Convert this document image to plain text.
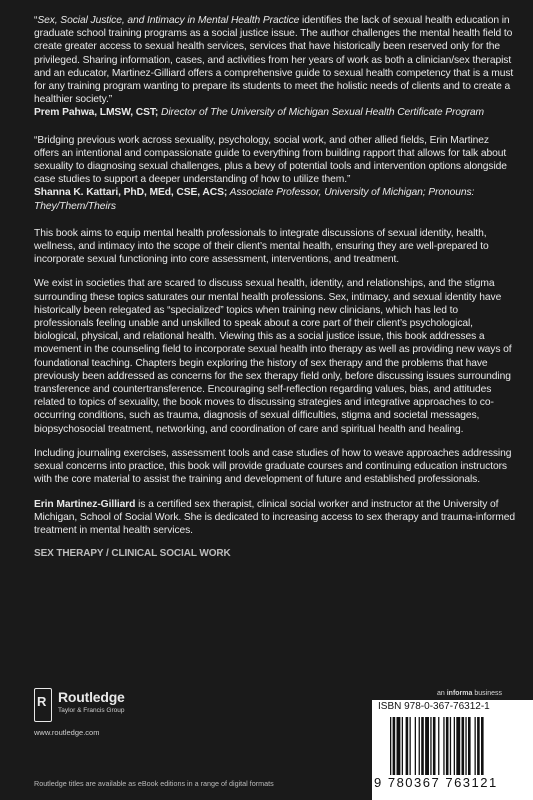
“Sex, Social Justice, and Intimacy in Mental Health Practice identifies the lack of sexual health education in graduate school training programs as a social justice issue. The author challenges the mental health field to create greater access to sexual health services, services that have historically been reserved only for the privileged. Sharing information, cases, and activities from her years of work as both a clinician/sex therapist and an educator, Martinez-Gilliard offers a comprehensive guide to sexual health competency that is a must for any training program wanting to prepare its students to meet the holistic needs of clients and to create a healthier society.”

Prem Pahwa, LMSW, CST; Director of The University of Michigan Sexual Health Certificate Program

“Bridging previous work across sexuality, psychology, social work, and other allied fields, Erin Martinez offers an intentional and compassionate guide to everything from building rapport that allows for talk about sexuality to diagnosing sexual challenges, plus a bevy of potential tools and intervention options alongside case studies to support a deeper understanding of how to utilize them.”

Shanna K. Kattari, PhD, MEd, CSE, ACS; Associate Professor, University of Michigan; Pronouns: They/Them/Theirs

This book aims to equip mental health professionals to integrate discussions of sexual identity, health, wellness, and intimacy into the scope of their client’s mental health, ensuring they are well-prepared to incorporate sexual functioning into core assessment, interventions, and treatment.

We exist in societies that are scared to discuss sexual health, identity, and relationships, and the stigma surrounding these topics saturates our mental health professions. Sex, intimacy, and sexual identity have historically been relegated as “specialized” topics when training new clinicians, which has led to professionals feeling unable and unskilled to speak about a core part of their client’s psychological, biological, physical, and relational health. Viewing this as a social justice issue, this book addresses a movement in the counseling field to incorporate sexual health into therapy as well as providing new ways of foundational teaching. Chapters begin exploring the history of sex therapy and the problems that have previously been addressed as concerns for the sex therapy field only, before discussing issues surrounding transference and countertransference. Encouraging self-reflection regarding values, bias, and attitudes related to topics of sexuality, the book moves to discussing strategies and integrative approaches to co-occurring conditions, such as trauma, diagnosis of sexual difficulties, stigma and societal messages, biopsychosocial treatment, networking, and coordination of care and spiritual health and healing.

Including journaling exercises, assessment tools and case studies of how to weave approaches addressing sexual concerns into practice, this book will provide graduate courses and continuing education instructors with the core material to assist the training and development of future and established professionals.

Erin Martinez-Gilliard is a certified sex therapist, clinical social worker and instructor at the University of Michigan, School of Social Work. She is dedicated to increasing access to sex therapy and trauma-informed treatment in mental health services.

SEX THERAPY / CLINICAL SOCIAL WORK
R Routledge
Taylor & Francis Group
www.routledge.com
Routledge titles are available as eBook editions in a range of digital formats
an informa business
ISBN 978-0-367-76312-1
9 780367 763121
